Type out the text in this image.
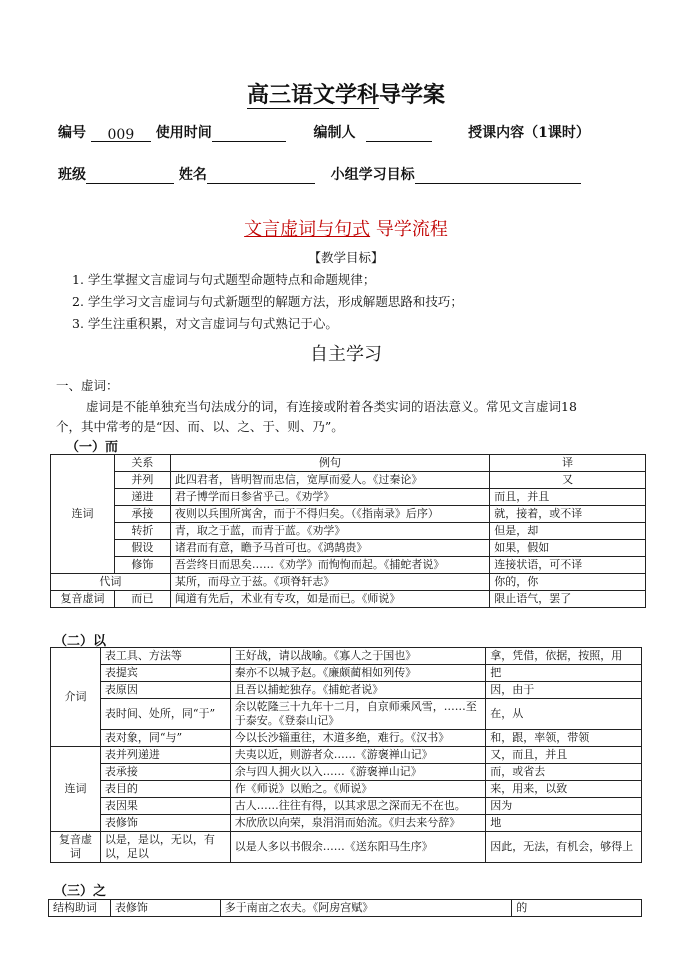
高三语文学科导学案
编号 009 使用时间	编制人	授课内容（1课时）
班级	姓名	小组学习目标
文言虚词与句式 导学流程
【教学目标】
1. 学生掌握文言虚词与句式题型命题特点和命题规律；
2. 学生学习文言虚词与句式新题型的解题方法，形成解题思路和技巧；
3. 学生注重积累，对文言虚词与句式熟记于心。
自主学习
一、虚词：
虚词是不能单独充当句法成分的词，有连接或附着各类实词的语法意义。常见文言虚词18
个，其中常考的是“因、而、以、之、于、则、乃”。
（一）而
连词	关系	例句	译
	并列	此四君者，皆明智而忠信，宽厚而爱人。《过秦论》	又
	递进	君子博学而日参省乎己。《劝学》	而且，并且
	承接	夜则以兵围所寓舍，而于不得归矣。（《指南录》后序）	就，接着，或不译
	转折	青，取之于蓝，而青于蓝。《劝学》	但是，却
	假设	诸君而有意，瞻予马首可也。《鸿鹄贵》	如果，假如
	修饰	吾尝终日而思矣……《劝学》而恂恂而起。《捕蛇者说》	连接状语，可不译
代词		某所，而母立于兹。《项脊轩志》	你的，你
复音虚词	而已	闻道有先后，术业有专攻，如是而已。《师说》	限止语气，罢了
（二）以
介词	表工具、方法等	王好战，请以战喻。《寡人之于国也》	拿，凭借，依据，按照，用
	表提宾	秦亦不以城予赵。《廉颇蔺相如列传》	把
	表原因	且吾以捕蛇独存。《捕蛇者说》	因，由于
	表时间、处所，同“于”	余以乾隆三十九年十二月，自京师乘风雪，……至于泰安。《登泰山记》	在，从
	表对象，同“与”	今以长沙辎重往，木道多绝，难行。《汉书》	和，跟，率领，带领
连词	表并列递进	夫夷以近，则游者众……《游褒禅山记》	又，而且，并且
	表承接	余与四人拥火以入……《游褒禅山记》	而，或省去
	表目的	作《师说》以贻之。《师说》	来，用来，以致
	表因果	古人……往往有得，以其求思之深而无不在也。	因为
	表修饰	木欣欣以向荣，泉涓涓而始流。《归去来兮辞》	地
复音虚词	以是，是以，无以，有以，足以	以是人多以书假余……《送东阳马生序》	因此，无法，有机会，够得上
（三）之
结构助词	表修饰	多于南亩之农夫。《阿房宫赋》	的
